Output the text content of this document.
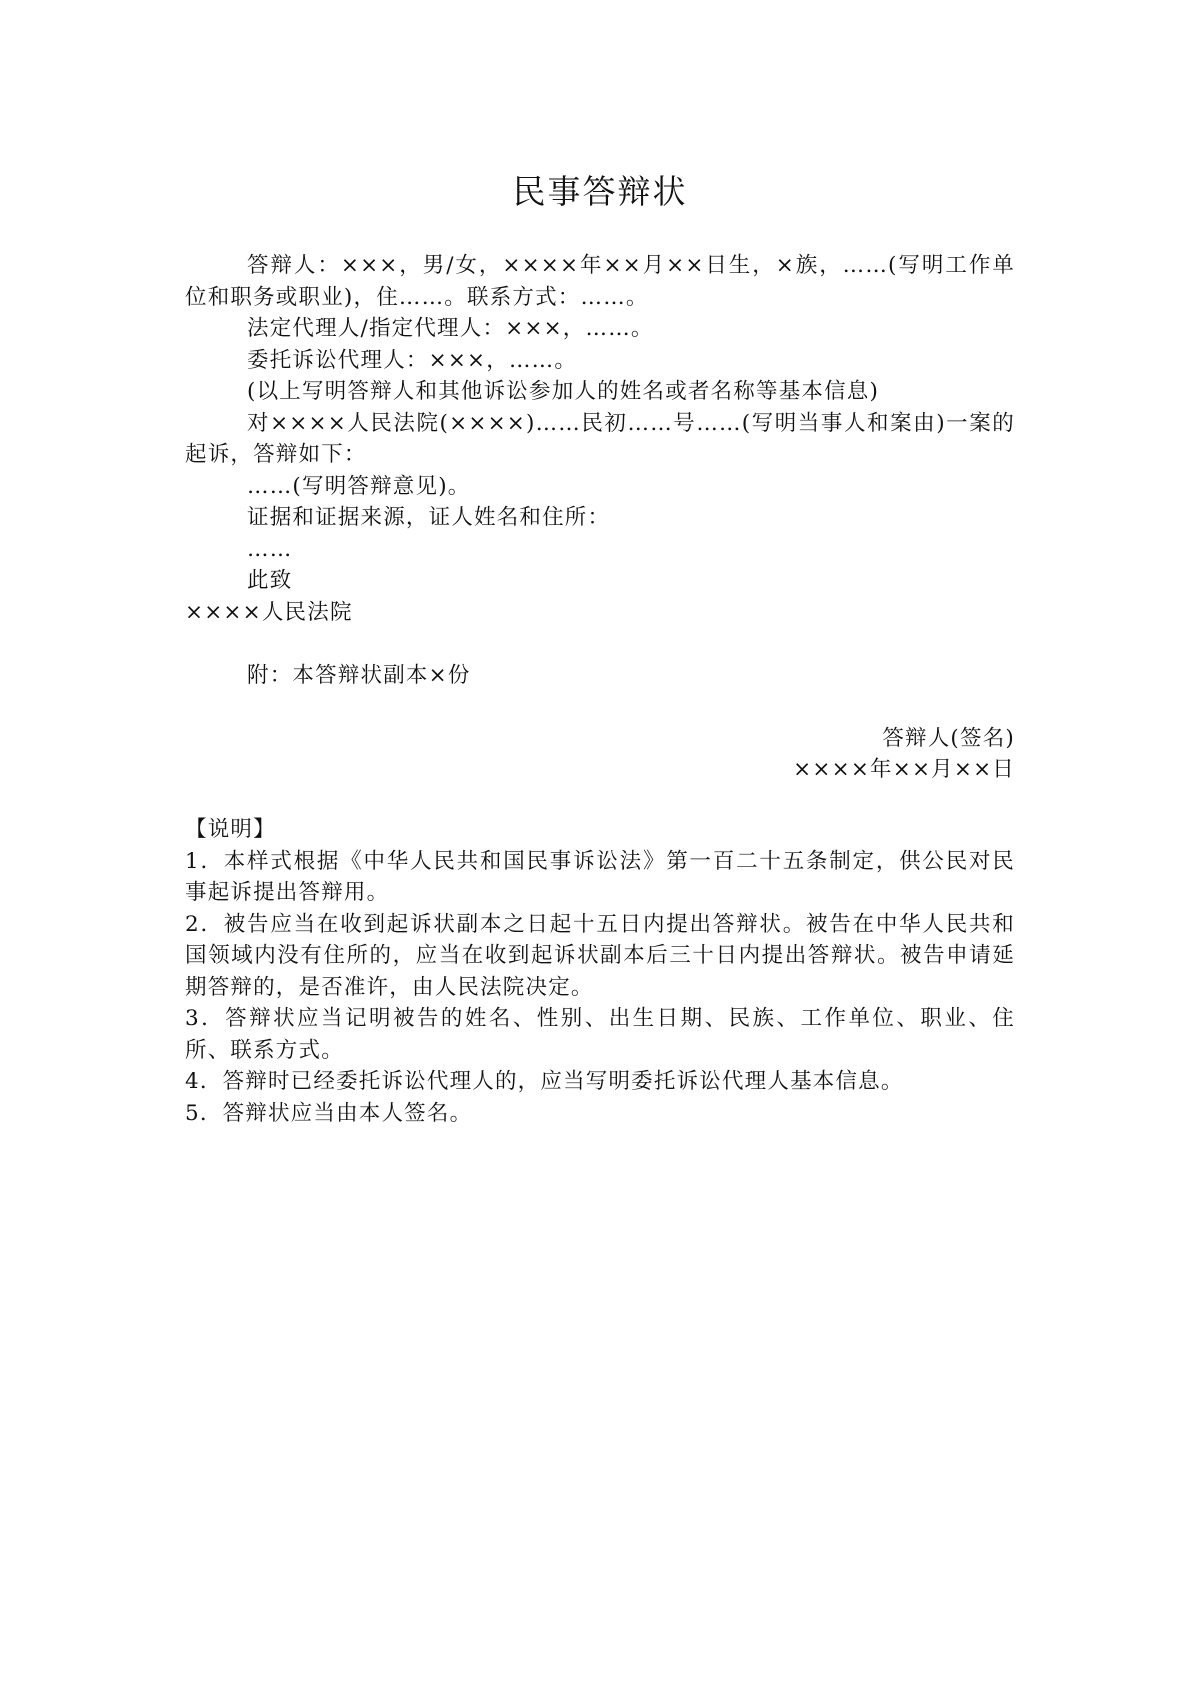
民事答辩状

答辩人：×××，男/女，××××年××月××日生，×族，……(写明工作单位和职务或职业)，住……。联系方式：……。

法定代理人/指定代理人：×××，……。

委托诉讼代理人：×××，……。

(以上写明答辩人和其他诉讼参加人的姓名或者名称等基本信息)

对××××人民法院(××××)……民初……号……(写明当事人和案由)一案的起诉，答辩如下：

……(写明答辩意见)。

证据和证据来源，证人姓名和住所：

……

此致

××××人民法院

附：本答辩状副本×份

答辩人(签名)

××××年××月××日

【说明】

1．本样式根据《中华人民共和国民事诉讼法》第一百二十五条制定，供公民对民事起诉提出答辩用。

2．被告应当在收到起诉状副本之日起十五日内提出答辩状。被告在中华人民共和国领域内没有住所的，应当在收到起诉状副本后三十日内提出答辩状。被告申请延期答辩的，是否准许，由人民法院决定。

3．答辩状应当记明被告的姓名、性别、出生日期、民族、工作单位、职业、住所、联系方式。

4．答辩时已经委托诉讼代理人的，应当写明委托诉讼代理人基本信息。

5．答辩状应当由本人签名。
